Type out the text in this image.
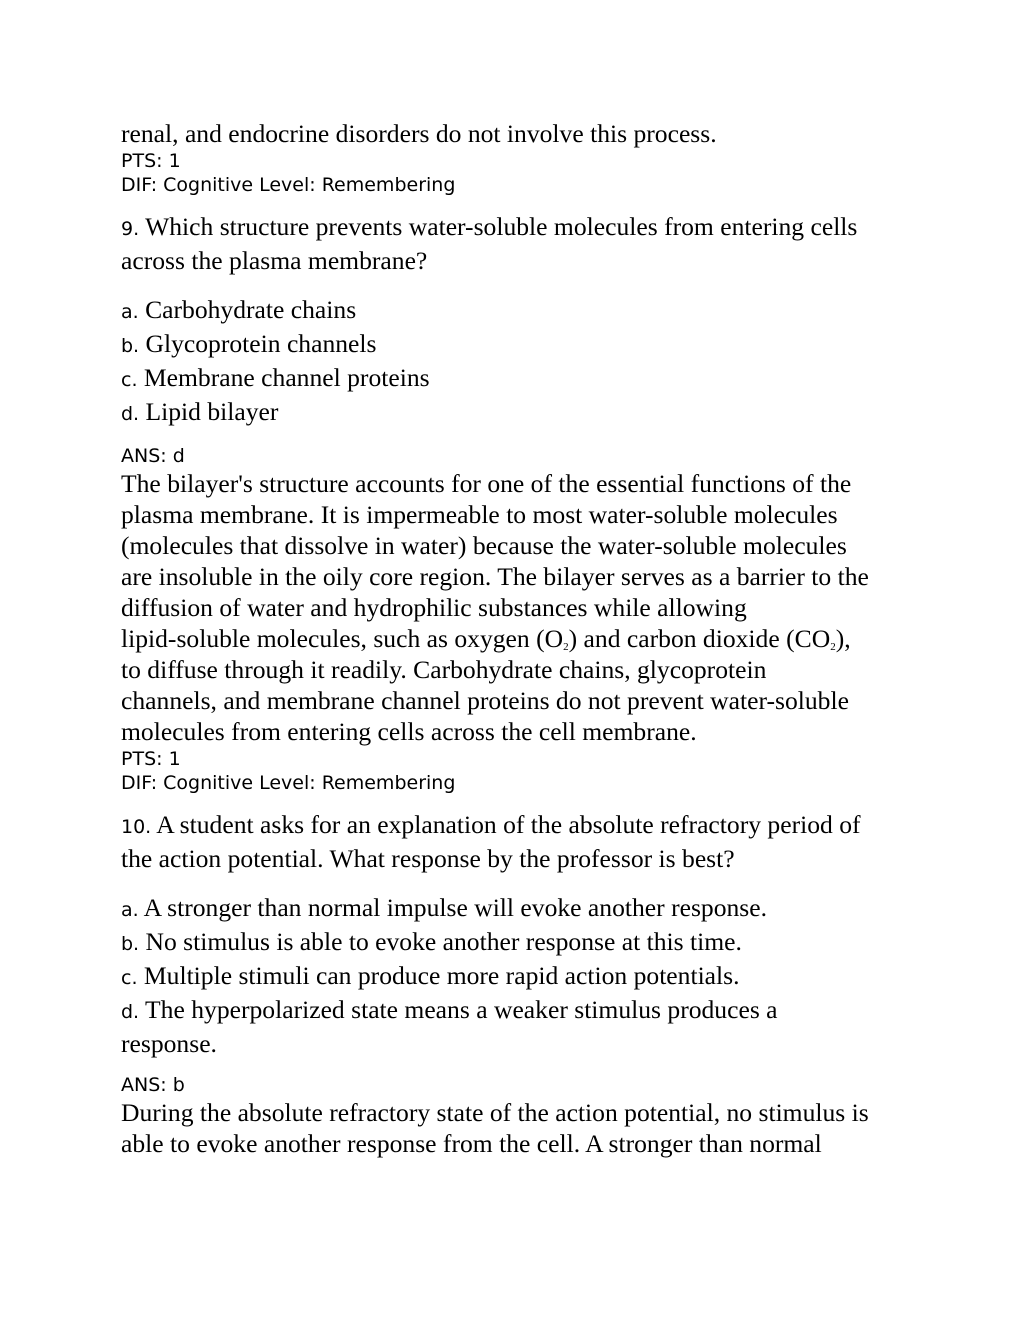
renal, and endocrine disorders do not involve this process.
PTS: 1
DIF: Cognitive Level: Remembering
9. Which structure prevents water-soluble molecules from entering cells
across the plasma membrane?
a. Carbohydrate chains
b. Glycoprotein channels
c. Membrane channel proteins
d. Lipid bilayer
ANS: d
The bilayer's structure accounts for one of the essential functions of the
plasma membrane. It is impermeable to most water-soluble molecules
(molecules that dissolve in water) because the water-soluble molecules
are insoluble in the oily core region. The bilayer serves as a barrier to the
diffusion of water and hydrophilic substances while allowing
lipid-soluble molecules, such as oxygen $(O_2)$ and carbon dioxide $(CO_2)$,
to diffuse through it readily. Carbohydrate chains, glycoprotein
channels, and membrane channel proteins do not prevent water-soluble
molecules from entering cells across the cell membrane.
PTS: 1
DIF: Cognitive Level: Remembering
10. A student asks for an explanation of the absolute refractory period of
the action potential. What response by the professor is best?
a. A stronger than normal impulse will evoke another response.
b. No stimulus is able to evoke another response at this time.
c. Multiple stimuli can produce more rapid action potentials.
d. The hyperpolarized state means a weaker stimulus produces a
response.
ANS: b
During the absolute refractory state of the action potential, no stimulus is
able to evoke another response from the cell. A stronger than normal
